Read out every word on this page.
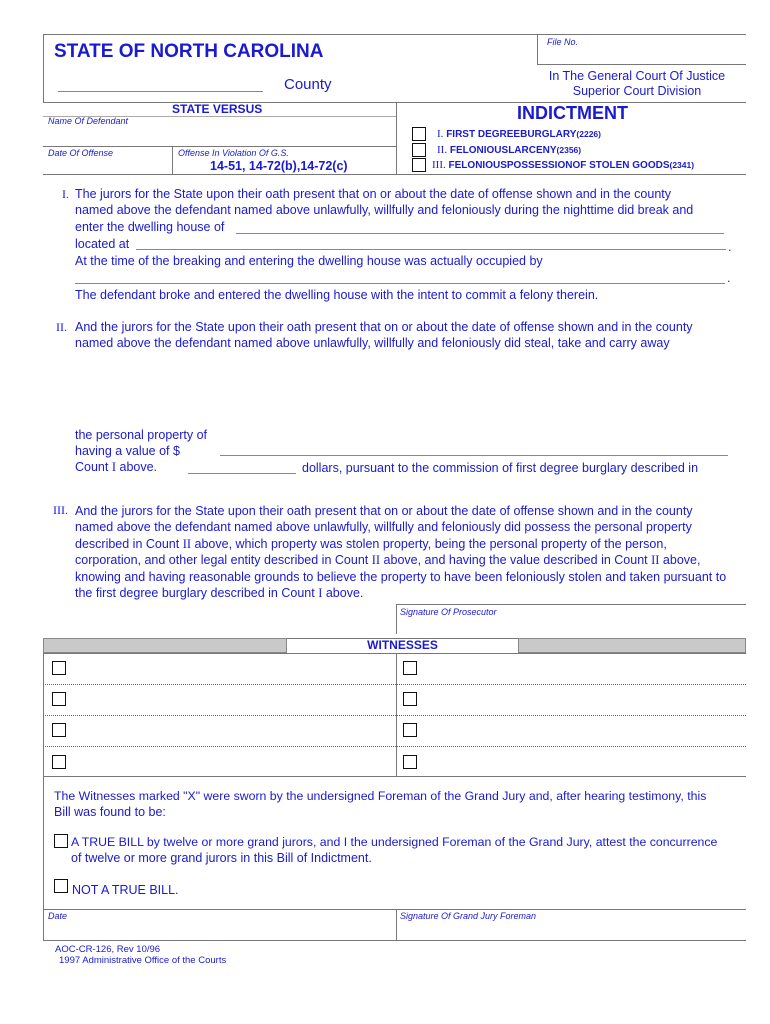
File No.
STATE OF NORTH CAROLINA
County	In The General Court Of Justice
Superior Court Division
STATE VERSUS
Name Of Defendant
Date Of Offense	Offense In Violation Of G.S.
14-51, 14-72(b),14-72(c)
INDICTMENT
I. FIRST DEGREEBURGLARY(2226)
II. FELONIOUSLARCENY(2356)
III. FELONIOUSPOSSESSIONOF STOLEN GOODS(2341)
I. The jurors for the State upon their oath present that on or about the date of offense shown and in the county
named above the defendant named above unlawfully, willfully and feloniously during the nighttime did break and
enter the dwelling house of
located at	.
At the time of the breaking and entering the dwelling house was actually occupied by
.
The defendant broke and entered the dwelling house with the intent to commit a felony therein.
II. And the jurors for the State upon their oath present that on or about the date of offense shown and in the county
named above the defendant named above unlawfully, willfully and feloniously did steal, take and carry away
the personal property of
having a value of $
Count I above.	dollars, pursuant to the commission of first degree burglary described in
III. And the jurors for the State upon their oath present that on or about the date of offense shown and in the county
named above the defendant named above unlawfully, willfully and feloniously did possess the personal property
described in Count II above, which property was stolen property, being the personal property of the person,
corporation, and other legal entity described in Count II above, and having the value described in Count II above,
knowing and having reasonable grounds to believe the property to have been feloniously stolen and taken pursuant to
the first degree burglary described in Count I above.
Signature Of Prosecutor
WITNESSES
The Witnesses marked "X" were sworn by the undersigned Foreman of the Grand Jury and, after hearing testimony, this
Bill was found to be:
A TRUE BILL by twelve or more grand jurors, and I the undersigned Foreman of the Grand Jury, attest the concurrence
of twelve or more grand jurors in this Bill of Indictment.
NOT A TRUE BILL.
Date	Signature Of Grand Jury Foreman
AOC-CR-126, Rev 10/96
1997 Administrative Office of the Courts
